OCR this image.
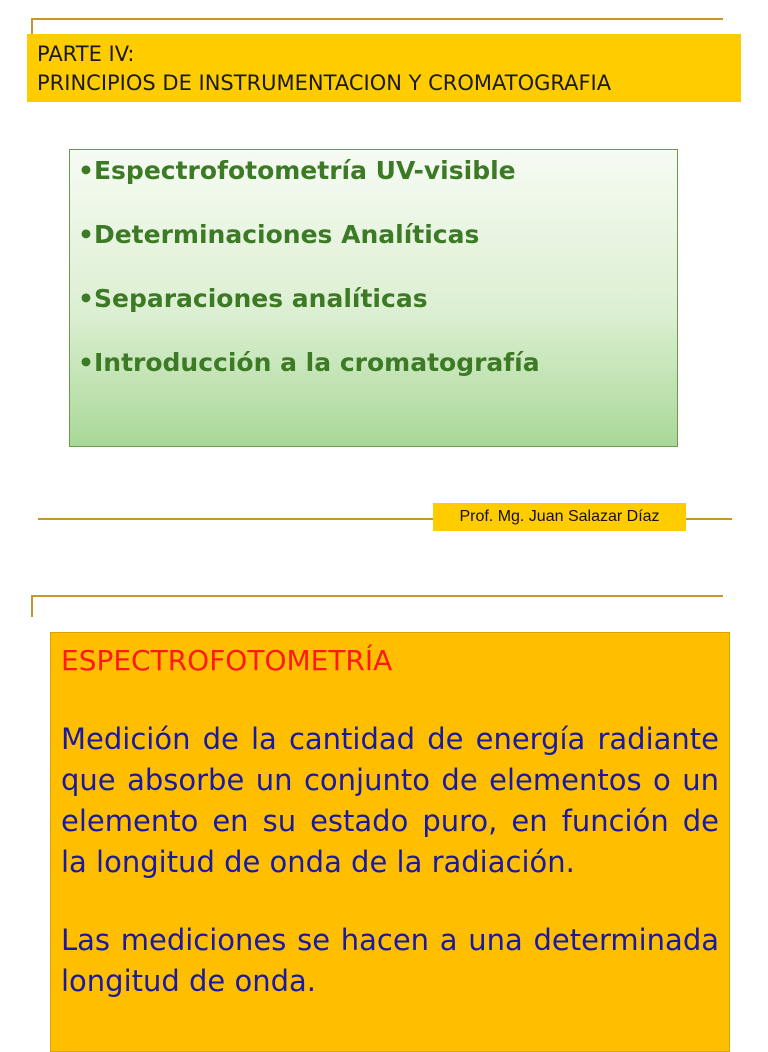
PARTE IV:
PRINCIPIOS DE INSTRUMENTACION Y CROMATOGRAFIA
•Espectrofotometría UV-visible
•Determinaciones Analíticas
•Separaciones analíticas
•Introducción a la cromatografía
Prof. Mg. Juan Salazar Díaz
ESPECTROFOTOMETRÍA
Medición de la cantidad de energía radiante que absorbe un conjunto de elementos o un elemento en su estado puro, en función de la longitud de onda de la radiación.
Las mediciones se hacen a una determinada longitud de onda.
